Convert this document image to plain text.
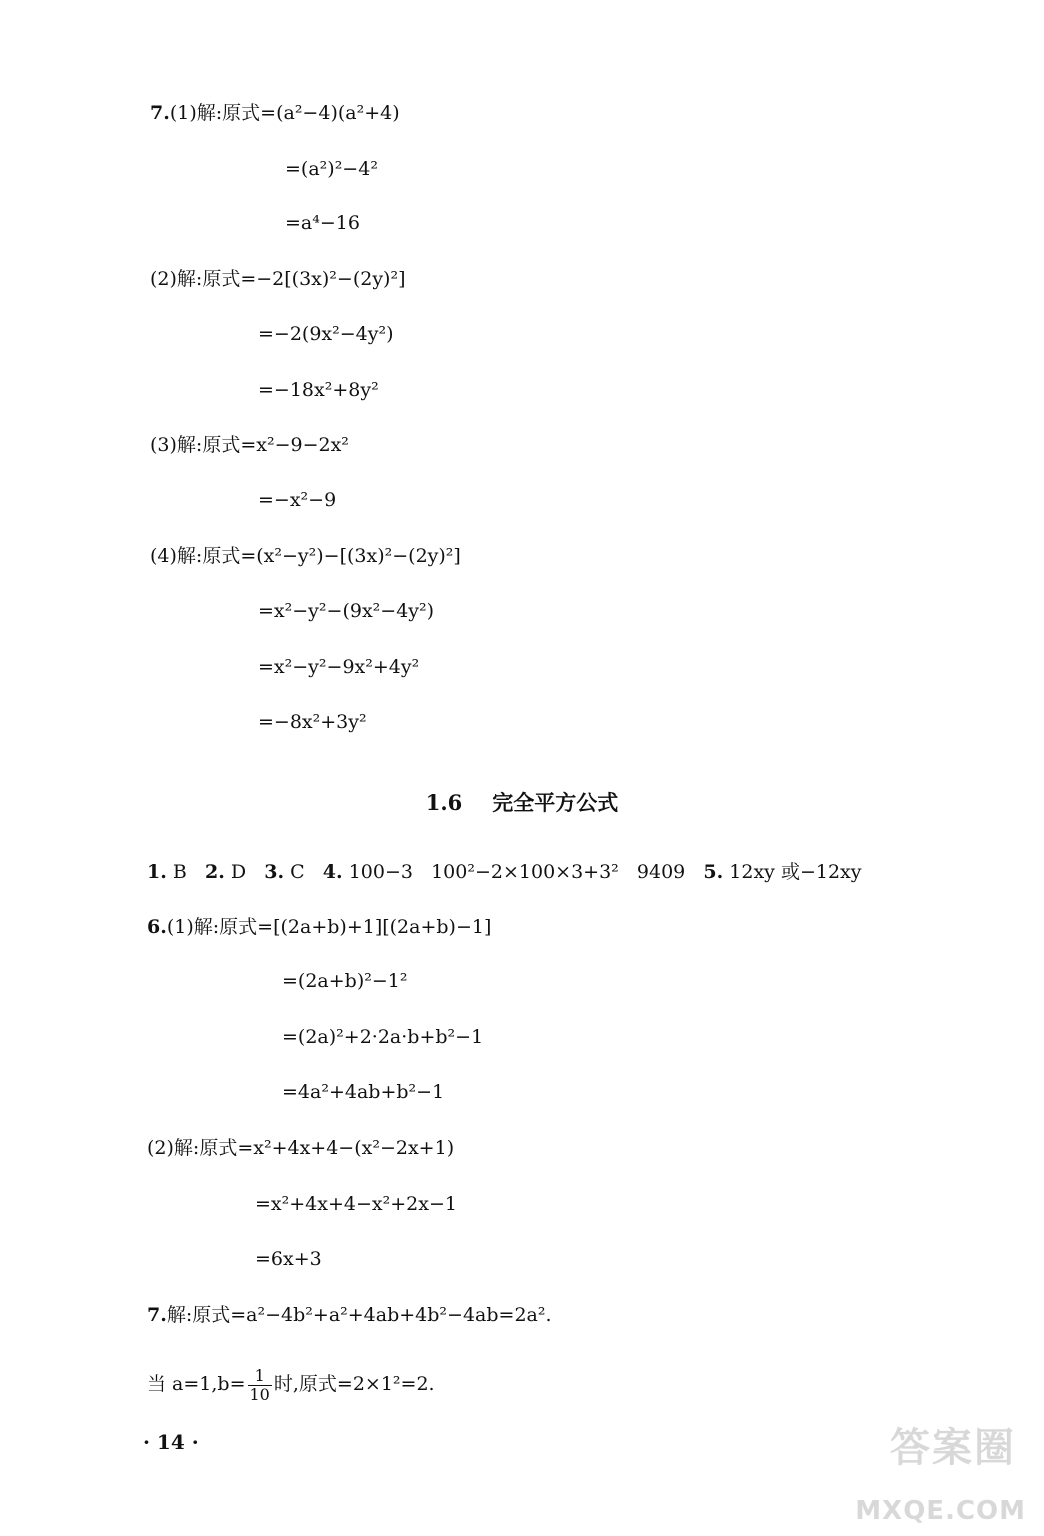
7.(1)解:原式=(a²−4)(a²+4)
=(a²)²−4²
=a⁴−16
(2)解:原式=−2[(3x)²−(2y)²]
=−2(9x²−4y²)
=−18x²+8y²
(3)解:原式=x²−9−2x²
=−x²−9
(4)解:原式=(x²−y²)−[(3x)²−(2y)²]
=x²−y²−(9x²−4y²)
=x²−y²−9x²+4y²
=−8x²+3y²
1.6 完全平方公式
1. B 2. D 3. C 4. 100−3   100²−2×100×3+3²   9409 5. 12xy 或−12xy
6.(1)解:原式=[(2a+b)+1][(2a+b)−1]
=(2a+b)²−1²
=(2a)²+2·2a·b+b²−1
=4a²+4ab+b²−1
(2)解:原式=x²+4x+4−(x²−2x+1)
=x²+4x+4−x²+2x−1
=6x+3
7.解:原式=a²−4b²+a²+4ab+4b²−4ab=2a².
当 $a=1,b= \frac{1}{10}$ 时,原式=2×1²=2.
· 14 ·	答案圈
MXQE.COM
